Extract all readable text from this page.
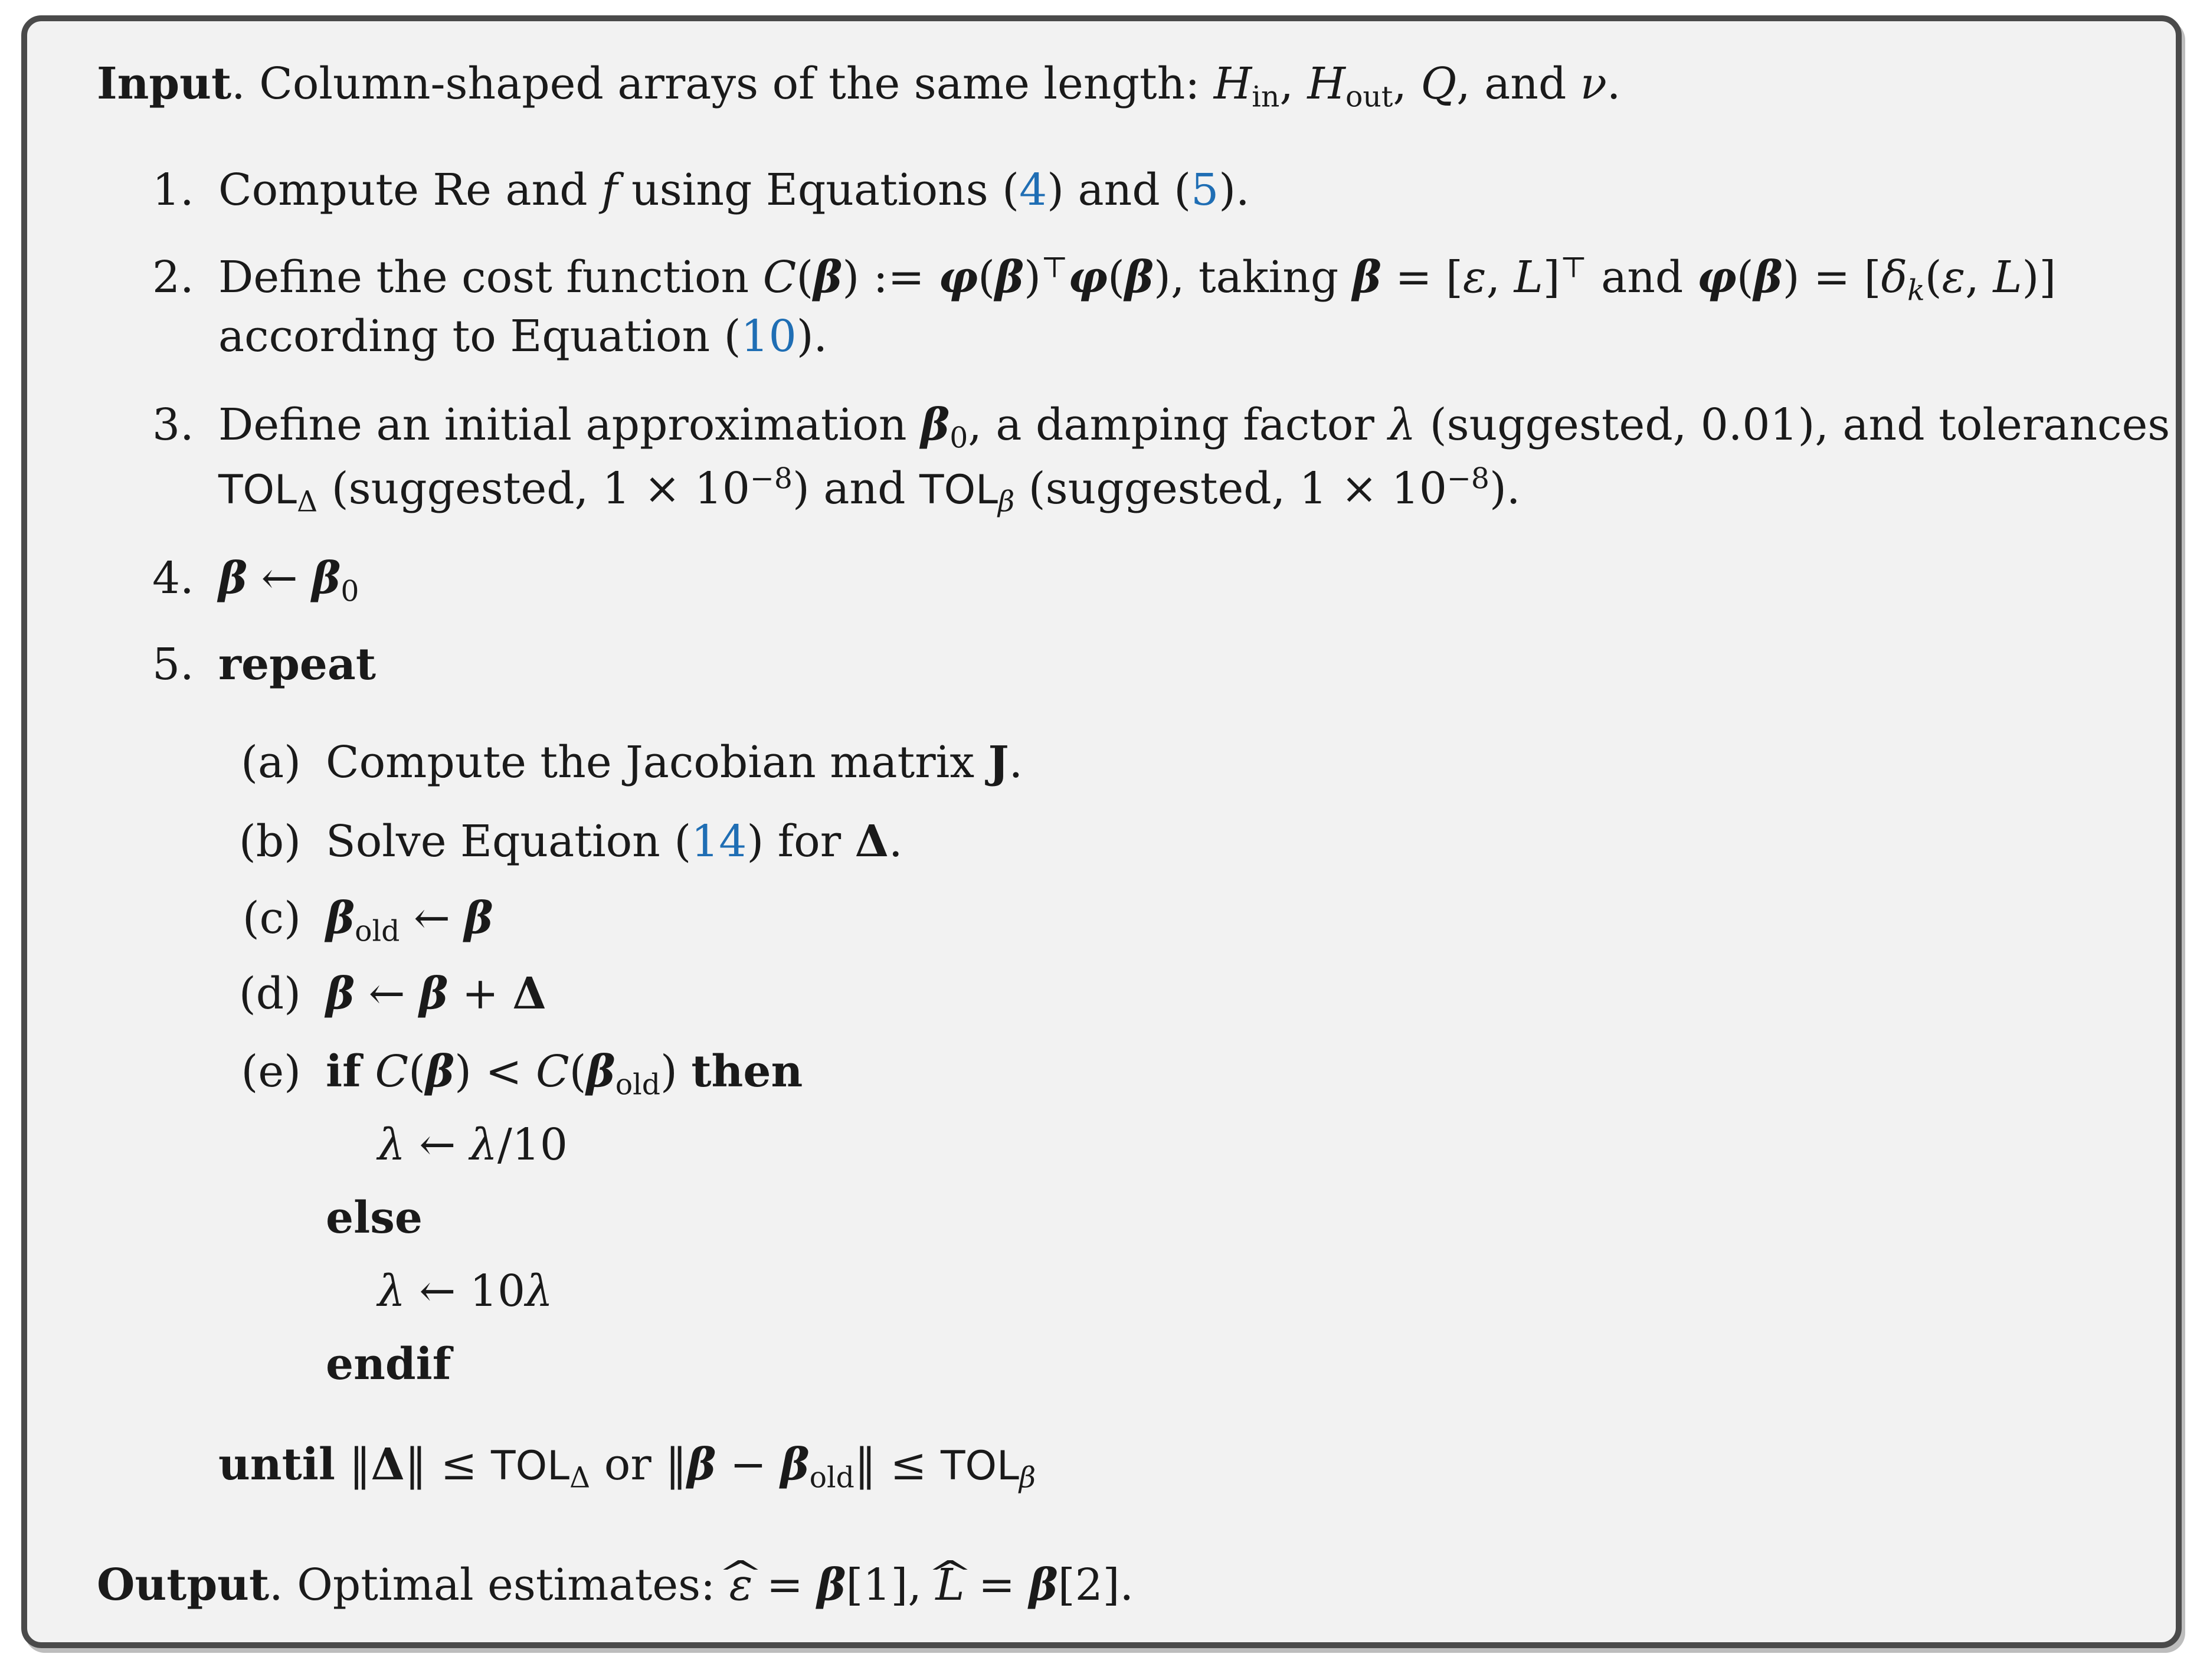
Input. Column-shaped arrays of the same length: $H_{in}$, $H_{out}$, Q, and ν.
1. Compute Re and f using Equations (4) and (5).
2. Define the cost function C(β) := φ(β)⊤φ(β), taking β = [ε, L]⊤ and $\varphi(\beta) = [\delta_k(\varepsilon$, L)]
according to Equation (10).
3. Define an initial approximation $\beta_0$, a damping factor λ (suggested, 0.01), and tolerances
$TOL_\Delta$ (suggested, $1 \times 10^{-8}$) and $TOL_\beta$ (suggested, $1 \times 10^{-8}$).
4. β ← $\beta_0$
5. repeat
(a) Compute the Jacobian matrix J.
(b) Solve Equation (14) for Δ.
(c) $\beta_{old}$ ← β
(d) β ← β + Δ
(e) if $C(\beta) < C(\beta_{old})$ then
λ ← λ/10
else
λ ← 10λ
endif
until ‖Δ‖ ≤ $TOL_\Delta$ or ‖β − $\beta_{old}‖ \le TOL_\beta$
Output. Optimal estimates: ^ ε = β[1], ^ L = β[2].
